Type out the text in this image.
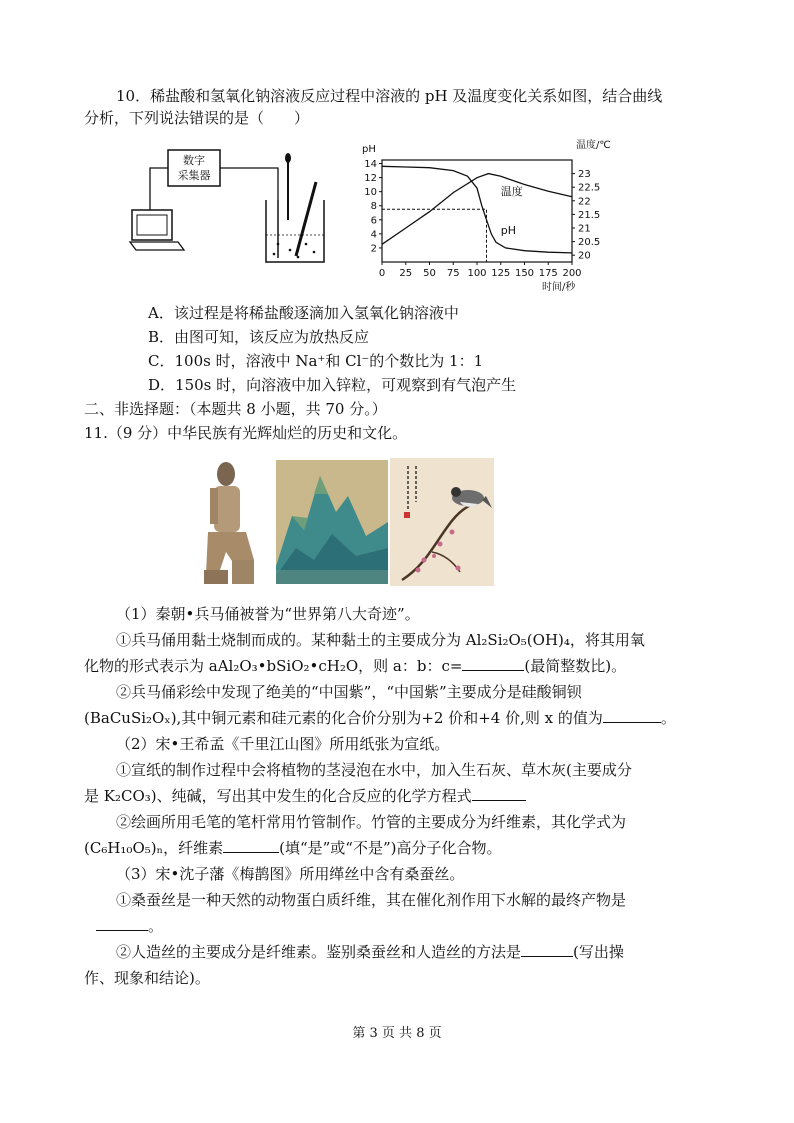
10．稀盐酸和氢氧化钠溶液反应过程中溶液的 pH 及温度变化关系如图，结合曲线
分析，下列说法错误的是（　　）
数字
采集器
pH	温度/℃
时间/秒
0 25 50 75 100 125 150 175 200
2
4
6
8
10
12
14
20
20.5
21
21.5
22
22.5
23
温度
pH
A．该过程是将稀盐酸逐滴加入氢氧化钠溶液中
B．由图可知，该反应为放热反应
C．100s 时，溶液中 Na⁺和 Cl⁻的个数比为 1：1
D．150s 时，向溶液中加入锌粒，可观察到有气泡产生
二、非选择题：（本题共 8 小题，共 70 分。）
11.（9 分）中华民族有光辉灿烂的历史和文化。
（1）秦朝•兵马俑被誉为“世界第八大奇迹”。
①兵马俑用黏土烧制而成的。某种黏土的主要成分为 Al₂Si₂O₅(OH)₄，将其用氧
化物的形式表示为 aAl₂O₃•bSiO₂•cH₂O，则 a：b：c=	(最简整数比)。
②兵马俑彩绘中发现了绝美的“中国紫”，“中国紫”主要成分是硅酸铜钡
(BaCuSi₂Oₓ),其中铜元素和硅元素的化合价分别为+2 价和+4 价,则 x 的值为	。
（2）宋•王希孟《千里江山图》所用纸张为宣纸。
①宣纸的制作过程中会将植物的茎浸泡在水中，加入生石灰、草木灰(主要成分
是 K₂CO₃)、纯碱，写出其中发生的化合反应的化学方程式
②绘画所用毛笔的笔杆常用竹管制作。竹管的主要成分为纤维素，其化学式为
(C₆H₁₀O₅)ₙ，纤维素	(填“是”或“不是”)高分子化合物。
（3）宋•沈子藩《梅鹊图》所用缂丝中含有桑蚕丝。
①桑蚕丝是一种天然的动物蛋白质纤维，其在催化剂作用下水解的最终产物是
。
②人造丝的主要成分是纤维素。鉴别桑蚕丝和人造丝的方法是	(写出操
作、现象和结论)。
第 3 页 共 8 页
